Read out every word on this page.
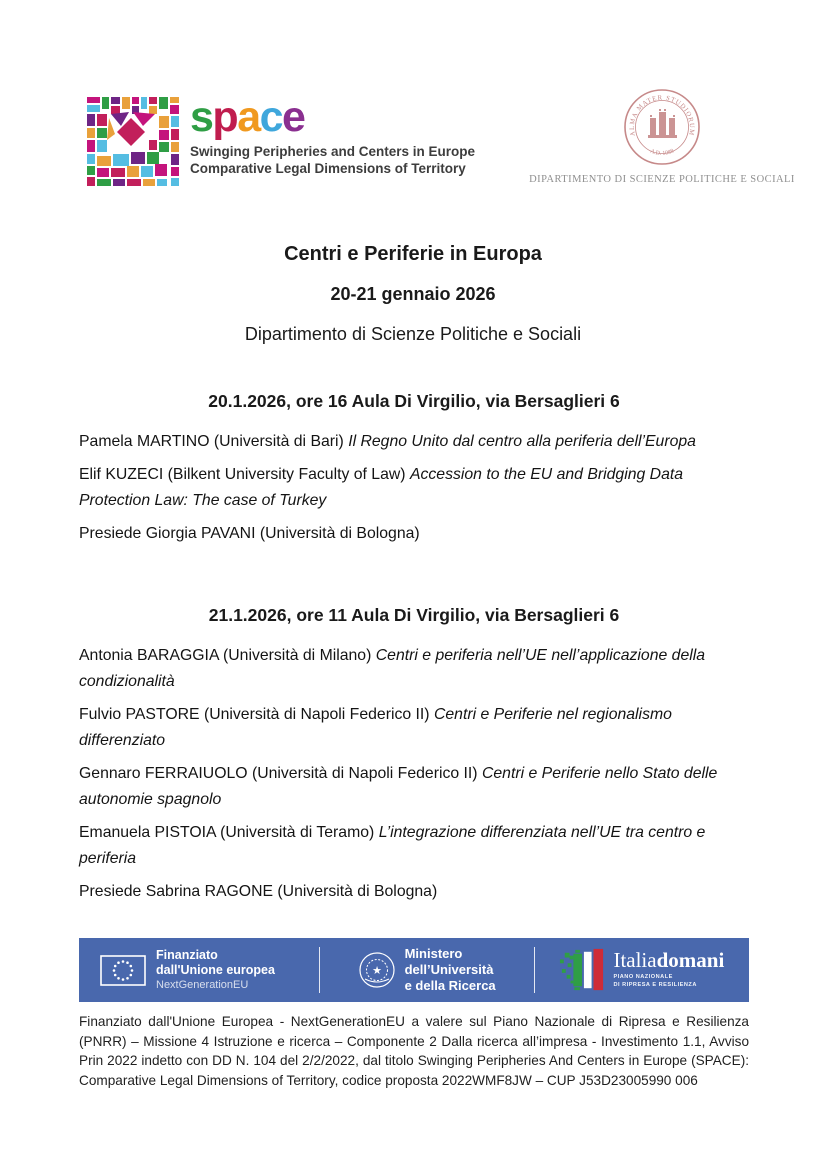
space
Swinging Peripheries and Centers in Europe
Comparative Legal Dimensions of Territory
ALMA MATER STUDIORUM
A.D. 1088
DIPARTIMENTO DI SCIENZE POLITICHE E SOCIALI
Centri e Periferie in Europa
20-21 gennaio 2026
Dipartimento di Scienze Politiche e Sociali
20.1.2026, ore 16 Aula Di Virgilio, via Bersaglieri 6

Pamela MARTINO (Università di Bari) Il Regno Unito dal centro alla periferia dell’Europa

Elif KUZECI (Bilkent University Faculty of Law) Accession to the EU and Bridging Data Protection Law: The case of Turkey

Presiede Giorgia PAVANI (Università di Bologna)

21.1.2026, ore 11 Aula Di Virgilio, via Bersaglieri 6

Antonia BARAGGIA (Università di Milano) Centri e periferia nell’UE nell’applicazione della condizionalità

Fulvio PASTORE (Università di Napoli Federico II) Centri e Periferie nel regionalismo differenziato

Gennaro FERRAIUOLO (Università di Napoli Federico II) Centri e Periferie nello Stato delle autonomie spagnolo

Emanuela PISTOIA (Università di Teramo) L’integrazione differenziata nell’UE tra centro e periferia

Presiede Sabrina RAGONE (Università di Bologna)

Finanziato
dall'Unione europea
NextGenerationEU
★
Ministero
dell’Università
e della Ricerca
Italiadomani
PIANO NAZIONALE
DI RIPRESA E RESILIENZA

Finanziato dall'Unione Europea - NextGenerationEU a valere sul Piano Nazionale di Ripresa e Resilienza (PNRR) – Missione 4 Istruzione e ricerca – Componente 2 Dalla ricerca all’impresa - Investimento 1.1, Avviso Prin 2022 indetto con DD N. 104 del 2/2/2022, dal titolo Swinging Peripheries And Centers in Europe (SPACE): Comparative Legal Dimensions of Territory, codice proposta 2022WMF8JW – CUP J53D23005990 006
